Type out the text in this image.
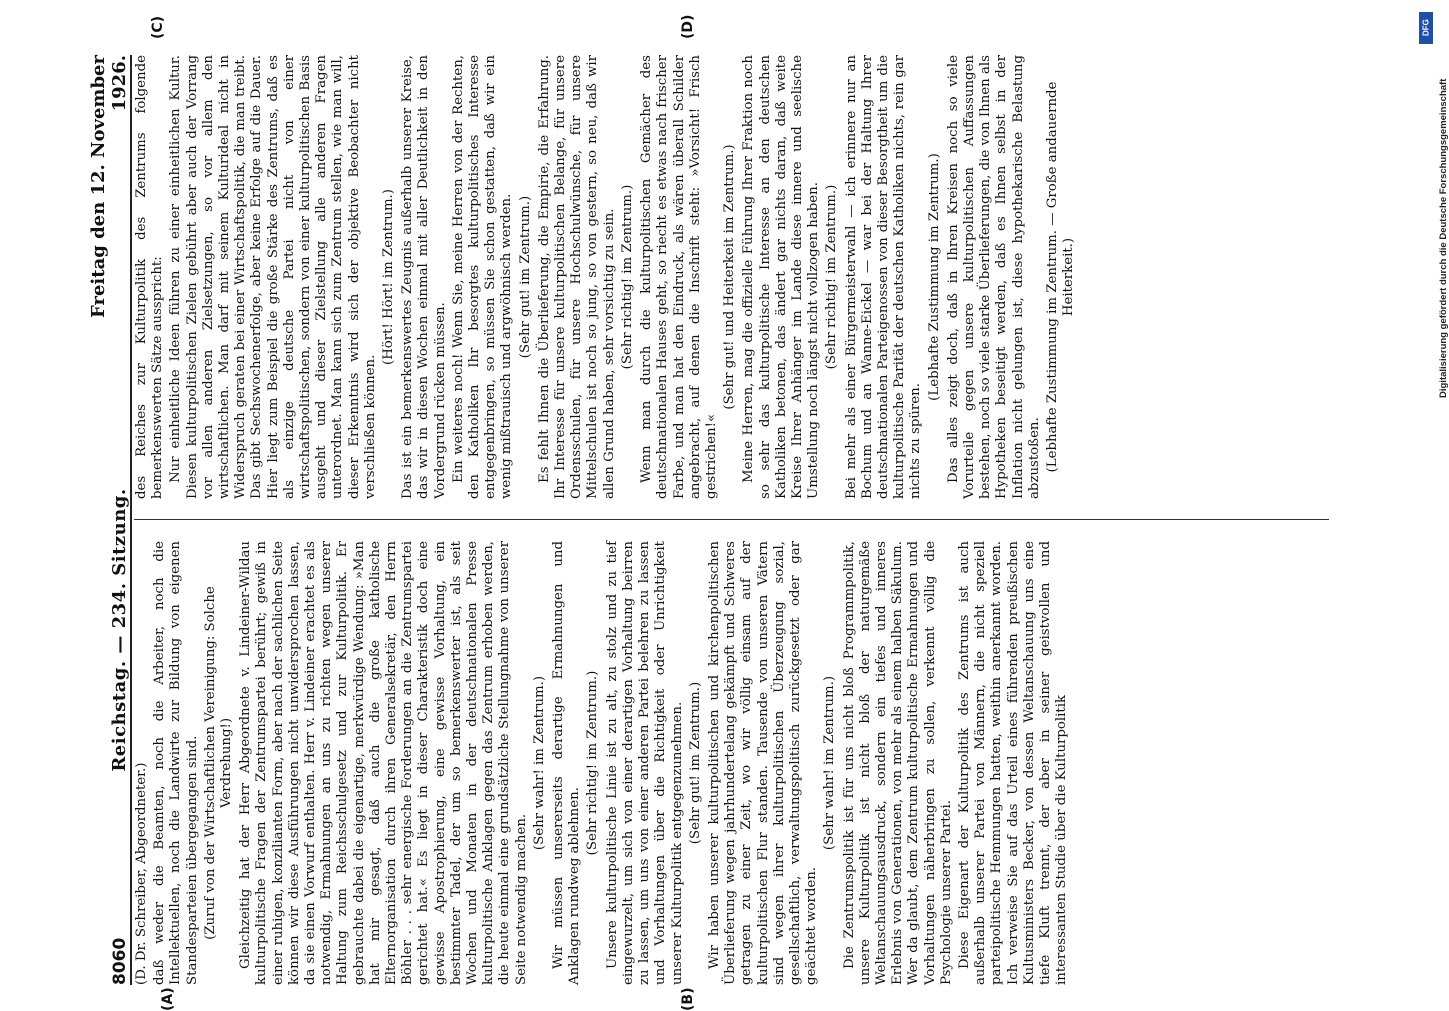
8060
Reichstag. — 234. Sitzung.
Freitag den 12. November 1926.
(A)	(B)
(C)	(D)

(D. Dr. Schreiber, Abgeordneter.) daß weder die Beamten, noch die Arbeiter, noch die Intellektuellen, noch die Landwirte zur Bildung von eigenen Standesparteien übergegangen sind. (Zuruf von der Wirtschaftlichen Vereinigung: Solche Verdrehung!) Gleichzeitig hat der Herr Abgeordnete v. Lindeiner-Wildau kulturpolitische Fragen der Zentrumspartei berührt; gewiß in einer ruhigen, konzilianten Form, aber nach der sachlichen Seite können wir diese Ausführungen nicht unwidersprochen lassen, da sie einen Vorwurf enthalten. Herr v. Lindeiner erachtet es als notwendig, Ermahnungen an uns zu richten wegen unserer Haltung zum Reichsschulgesetz und zur Kulturpolitik. Er gebrauchte dabei die eigenartige, merkwürdige Wendung: »Man hat mir gesagt, daß auch die große katholische Elternorganisation durch ihren Generalsekretär, den Herrn Böhler . . . sehr energische Forderungen an die Zentrumspartei gerichtet hat.« Es liegt in dieser Charakteristik doch eine gewisse Apostrophierung, eine gewisse Vorhaltung, ein bestimmter Tadel, der um so bemerkenswerter ist, als seit Wochen und Monaten in der deutschnationalen Presse kulturpolitische Anklagen gegen das Zentrum erhoben werden, die heute einmal eine grundsätzliche Stellungnahme von unserer Seite notwendig machen.

(Sehr wahr! im Zentrum.) Wir müssen unsererseits derartige Ermahnungen und Anklagen rundweg ablehnen.

(Sehr richtig! im Zentrum.) Unsere kulturpolitische Linie ist zu alt, zu stolz und zu tief eingewurzelt, um sich von einer derartigen Vorhaltung beirren zu lassen, um uns von einer anderen Partei belehren zu lassen und Vorhaltungen über die Richtigkeit oder Unrichtigkeit unserer Kulturpolitik entgegenzunehmen. (Sehr gut! im Zentrum.) Wir haben unserer kulturpolitischen und kirchenpolitischen Überlieferung wegen jahrhundertelang gekämpft und Schweres getragen zu einer Zeit, wo wir völlig einsam auf der kulturpolitischen Flur standen. Tausende von unseren Vätern sind wegen ihrer kulturpolitischen Überzeugung sozial, gesellschaftlich, verwaltungspolitisch zurückgesetzt oder gar geächtet worden.

(Sehr wahr! im Zentrum.) Die Zentrumspolitik ist für uns nicht bloß Programmpolitik, unsere Kulturpolitik ist nicht bloß der naturgemäße Weltanschauungsausdruck, sondern ein tiefes und inneres Erlebnis von Generationen, von mehr als einem halben Säkulum. Wer da glaubt, dem Zentrum kulturpolitische Ermahnungen und Vorhaltungen näherbringen zu sollen, verkennt völlig die Psychologie unserer Partei. Diese Eigenart der Kulturpolitik des Zentrums ist auch außerhalb unserer Partei von Männern, die nicht speziell parteipolitische Hemmungen hatten, weithin anerkannt worden. Ich verweise Sie auf das Urteil eines führenden preußischen Kultusministers Becker, von dessen Weltanschauung uns eine tiefe Kluft trennt, der aber in seiner geistvollen und interessanten Studie über die Kulturpolitik

des Reiches zur Kulturpolitik des Zentrums folgende bemerkenswerten Sätze ausspricht: Nur einheitliche Ideen führen zu einer einheitlichen Kultur. Diesen kulturpolitischen Zielen gebührt aber auch der Vorrang vor allen anderen Zielsetzungen, so vor allem den wirtschaftlichen. Man darf mit seinem Kulturideal nicht in Widerspruch geraten bei einer Wirtschaftspolitik, die man treibt. Das gibt Sechswochenerfolge, aber keine Erfolge auf die Dauer. Hier liegt zum Beispiel die große Stärke des Zentrums, daß es als einzige deutsche Partei nicht von einer wirtschaftspolitischen, sondern von einer kulturpolitischen Basis ausgeht und dieser Zielstellung alle anderen Fragen unterordnet. Man kann sich zum Zentrum stellen, wie man will, dieser Erkenntnis wird sich der objektive Beobachter nicht verschließen können.

(Hört! Hört! im Zentrum.) Das ist ein bemerkenswertes Zeugnis außerhalb unserer Kreise, das wir in diesen Wochen einmal mit aller Deutlichkeit in den Vordergrund rücken müssen. Ein weiteres noch! Wenn Sie, meine Herren von der Rechten, den Katholiken Ihr besorgtes kulturpolitisches Interesse entgegenbringen, so müssen Sie schon gestatten, daß wir ein wenig mißtrauisch und argwöhnisch werden. (Sehr gut! im Zentrum.) Es fehlt Ihnen die Überlieferung, die Empirie, die Erfahrung. Ihr Interesse für unsere kulturpolitischen Belange, für unsere Ordensschulen, für unsere Hochschulwünsche, für unsere Mittelschulen ist noch so jung, so von gestern, so neu, daß wir allen Grund haben, sehr vorsichtig zu sein. (Sehr richtig! im Zentrum.) Wenn man durch die kulturpolitischen Gemächer des deutschnationalen Hauses geht, so riecht es etwas nach frischer Farbe, und man hat den Eindruck, als wären überall Schilder angebracht, auf denen die Inschrift steht: »Vorsicht! Frisch gestrichen!«

(Sehr gut! und Heiterkeit im Zentrum.) Meine Herren, mag die offizielle Führung Ihrer Fraktion noch so sehr das kulturpolitische Interesse an den deutschen Katholiken betonen, das ändert gar nichts daran, daß weite Kreise Ihrer Anhänger im Lande diese innere und seelische Umstellung noch längst nicht vollzogen haben. (Sehr richtig! im Zentrum.) Bei mehr als einer Bürgermeisterwahl — ich erinnere nur an Bochum und an Wanne-Eickel — war bei der Haltung Ihrer deutschnationalen Parteigenossen von dieser Besorgtheit um die kulturpolitische Parität der deutschen Katholiken nichts, rein gar nichts zu spüren.

(Lebhafte Zustimmung im Zentrum.) Das alles zeigt doch, daß in Ihren Kreisen noch so viele Vorurteile gegen unsere kulturpolitischen Auffassungen bestehen, noch so viele starke Überlieferungen, die von Ihnen als Hypotheken beseitigt werden, daß es Ihnen selbst in der Inflation nicht gelungen ist, diese hypothekarische Belastung abzustoßen. (Lebhafte Zustimmung im Zentrum. — Große andauernde Heiterkeit.)

DFG
Digitalisierung gefördert durch die Deutsche Forschungsgemeinschaft
